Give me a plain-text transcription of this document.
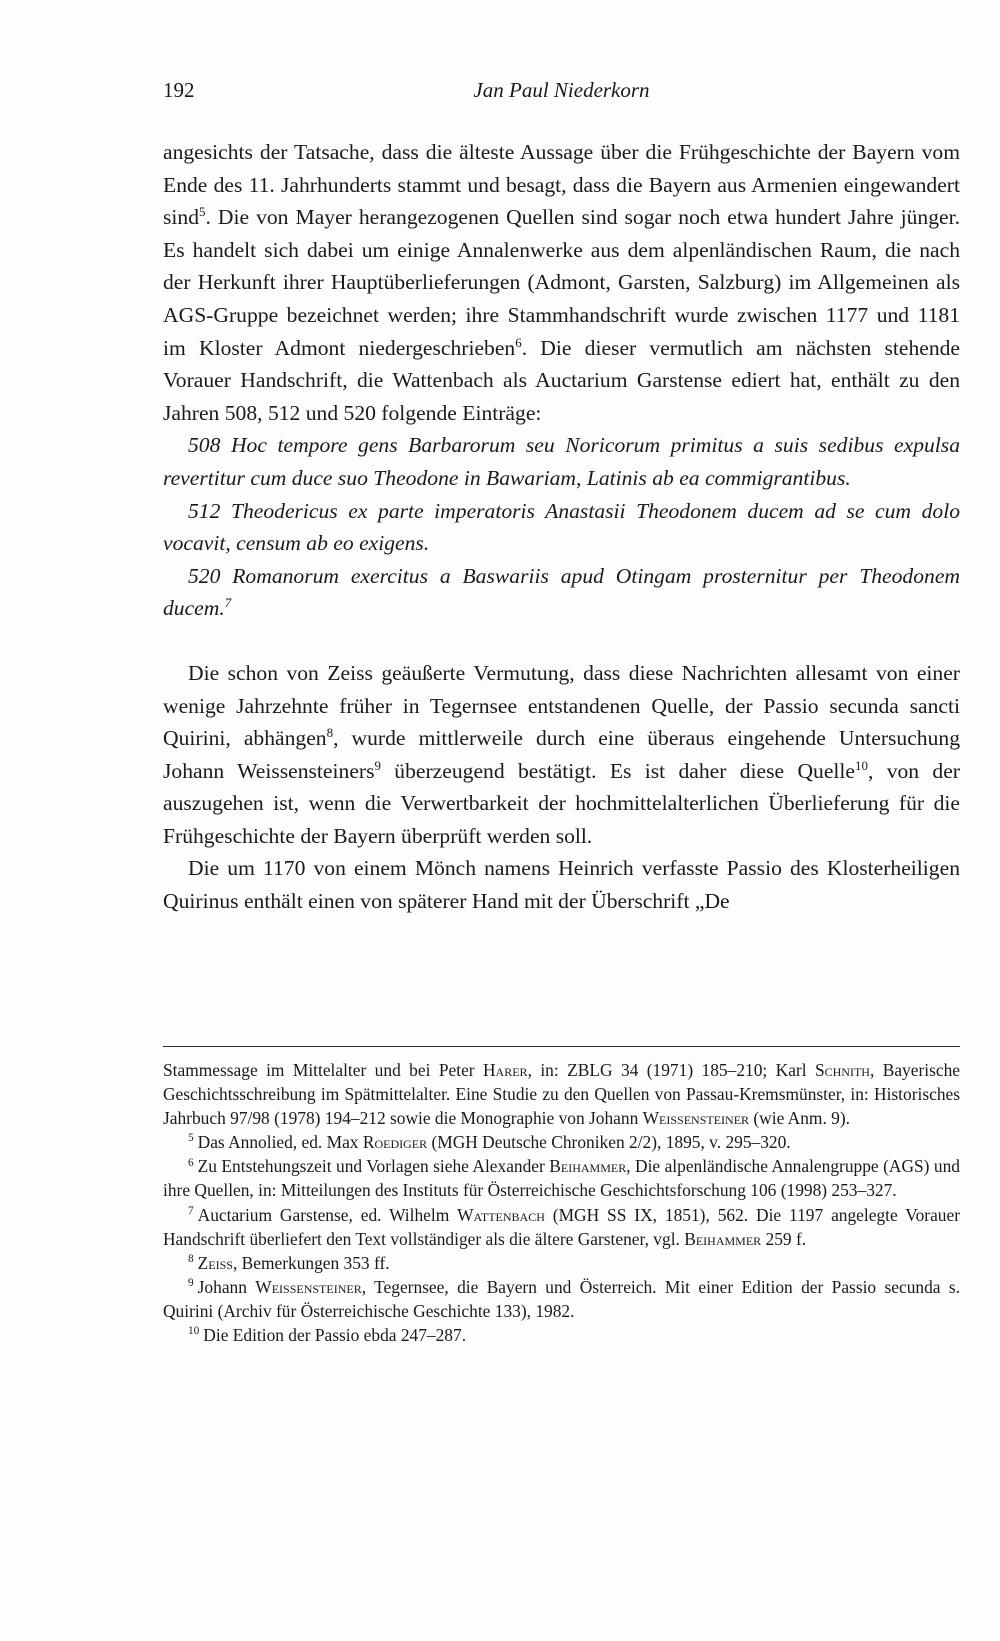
192	Jan Paul Niederkorn

angesichts der Tatsache, dass die älteste Aussage über die Frühgeschichte der Bayern vom Ende des 11. Jahrhunderts stammt und besagt, dass die Bayern aus Armenien eingewandert sind$^5$. Die von Mayer herangezogenen Quellen sind sogar noch etwa hundert Jahre jünger. Es handelt sich dabei um einige Annalenwerke aus dem alpenländischen Raum, die nach der Herkunft ihrer Hauptüberlieferungen (Admont, Garsten, Salzburg) im Allgemeinen als AGS-Gruppe bezeichnet werden; ihre Stammhandschrift wurde zwischen 1177 und 1181 im Kloster Admont niedergeschrieben$^6$. Die dieser vermutlich am nächsten stehende Vorauer Handschrift, die Wattenbach als Auctarium Garstense ediert hat, enthält zu den Jahren 508, 512 und 520 folgende Einträge:

508 Hoc tempore gens Barbarorum seu Noricorum primitus a suis sedibus expulsa revertitur cum duce suo Theodone in Bawariam, Latinis ab ea commigrantibus.

512 Theodericus ex parte imperatoris Anastasii Theodonem ducem ad se cum dolo vocavit, censum ab eo exigens.

520 Romanorum exercitus a Baswariis apud Otingam prosternitur per Theodonem ducem.$^7$

Die schon von Zeiss geäußerte Vermutung, dass diese Nachrichten allesamt von einer wenige Jahrzehnte früher in Tegernsee entstandenen Quelle, der Passio secunda sancti Quirini, abhängen$^8$, wurde mittlerweile durch eine überaus eingehende Untersuchung Johann Weissensteiners$^9$ überzeugend bestätigt. Es ist daher diese Quelle$^{10}$, von der auszugehen ist, wenn die Verwertbarkeit der hochmittelalterlichen Überlieferung für die Frühgeschichte der Bayern überprüft werden soll.

Die um 1170 von einem Mönch namens Heinrich verfasste Passio des Klosterheiligen Quirinus enthält einen von späterer Hand mit der Überschrift „De

Stammessage im Mittelalter und bei Peter Harer, in: ZBLG 34 (1971) 185–210; Karl Schnith, Bayerische Geschichtsschreibung im Spätmittelalter. Eine Studie zu den Quellen von Passau-Kremsmünster, in: Historisches Jahrbuch 97/98 (1978) 194–212 sowie die Monographie von Johann Weissensteiner (wie Anm. 9).

$^5$ Das Annolied, ed. Max Roediger (MGH Deutsche Chroniken 2/2), 1895, v. 295–320.

$^6$ Zu Entstehungszeit und Vorlagen siehe Alexander Beihammer, Die alpenländische Annalengruppe (AGS) und ihre Quellen, in: Mitteilungen des Instituts für Österreichische Geschichtsforschung 106 (1998) 253–327.

$^7$ Auctarium Garstense, ed. Wilhelm Wattenbach (MGH SS IX, 1851), 562. Die 1197 angelegte Vorauer Handschrift überliefert den Text vollständiger als die ältere Garstener, vgl. Beihammer 259 f.

$^8$ Zeiss, Bemerkungen 353 ff.

$^9$ Johann Weissensteiner, Tegernsee, die Bayern und Österreich. Mit einer Edition der Passio secunda s. Quirini (Archiv für Österreichische Geschichte 133), 1982.

$^{10}$ Die Edition der Passio ebda 247–287.
